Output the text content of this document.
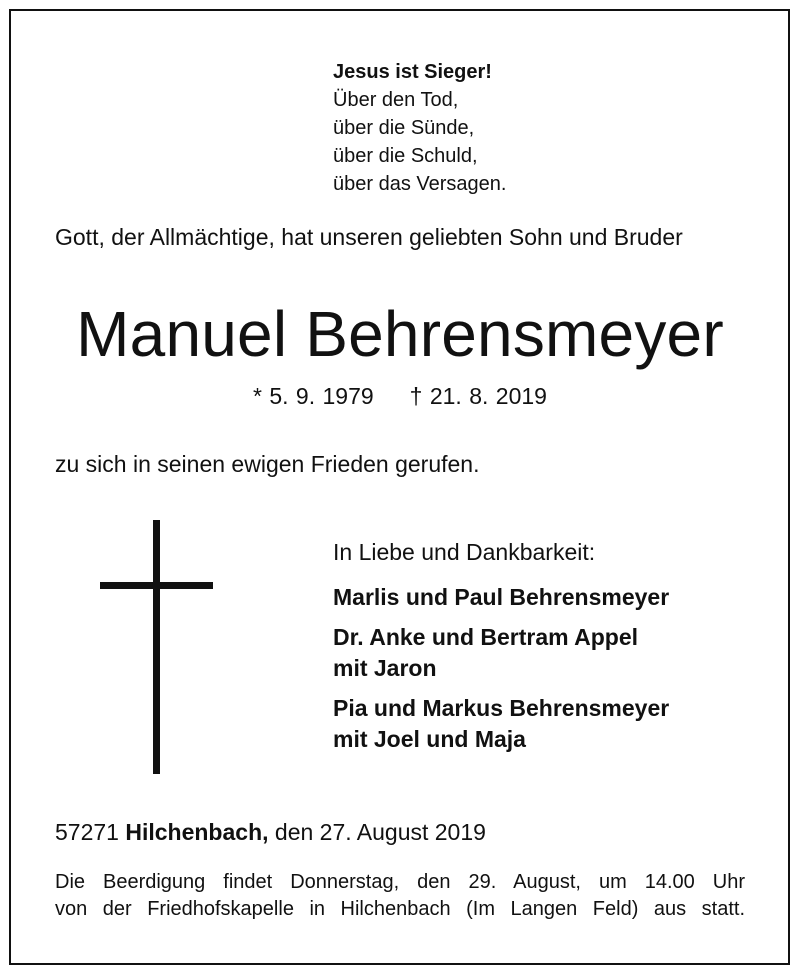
Jesus ist Sieger!
Über den Tod,
über die Sünde,
über die Schuld,
über das Versagen.
Gott, der Allmächtige, hat unseren geliebten Sohn und Bruder
Manuel Behrensmeyer
* 5. 9. 1979 † 21. 8. 2019
zu sich in seinen ewigen Frieden gerufen.
In Liebe und Dankbarkeit:
Marlis und Paul Behrensmeyer
Dr. Anke und Bertram Appel
mit Jaron
Pia und Markus Behrensmeyer
mit Joel und Maja
57271 Hilchenbach, den 27. August 2019
Die Beerdigung findet Donnerstag, den 29. August, um 14.00 Uhr
von der Friedhofskapelle in Hilchenbach (Im Langen Feld) aus statt.
